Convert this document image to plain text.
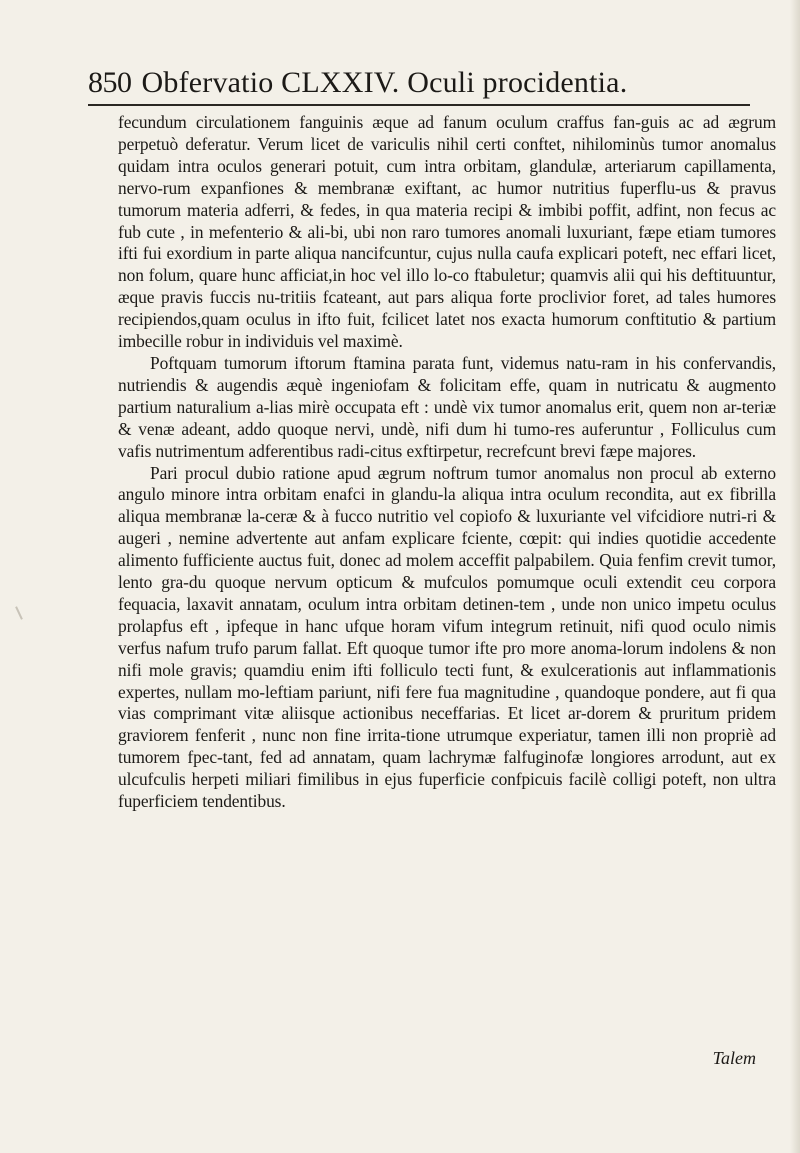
850 Obfervatio CLXXIV. Oculi procidentia.

fecundum circulationem fanguinis æque ad fanum oculum craffus fan-guis ac ad ægrum perpetuò deferatur. Verum licet de variculis nihil certi conftet, nihilominùs tumor anomalus quidam intra oculos generari potuit, cum intra orbitam, glandulæ, arteriarum capillamenta, nervo-rum expanfiones & membranæ exiftant, ac humor nutritius fuperflu-us & pravus tumorum materia adferri, & fedes, in qua materia recipi & imbibi poffit, adfint, non fecus ac fub cute , in mefenterio & ali-bi, ubi non raro tumores anomali luxuriant, fæpe etiam tumores ifti fui exordium in parte aliqua nancifcuntur, cujus nulla caufa explicari poteft, nec effari licet, non folum, quare hunc afficiat,in hoc vel illo lo-co ftabuletur; quamvis alii qui his deftituuntur, æque pravis fuccis nu-tritiis fcateant, aut pars aliqua forte proclivior foret, ad tales humores recipiendos,quam oculus in ifto fuit, fcilicet latet nos exacta humorum conftitutio & partium imbecille robur in individuis vel maximè.

Poftquam tumorum iftorum ftamina parata funt, videmus natu-ram in his confervandis, nutriendis & augendis æquè ingeniofam & folicitam effe, quam in nutricatu & augmento partium naturalium a-lias mirè occupata eft : undè vix tumor anomalus erit, quem non ar-teriæ & venæ adeant, addo quoque nervi, undè, nifi dum hi tumo-res auferuntur , Folliculus cum vafis nutrimentum adferentibus radi-citus exftirpetur, recrefcunt brevi fæpe majores.

Pari procul dubio ratione apud ægrum noftrum tumor anomalus non procul ab externo angulo minore intra orbitam enafci in glandu-la aliqua intra oculum recondita, aut ex fibrilla aliqua membranæ la-ceræ & à fucco nutritio vel copiofo & luxuriante vel vifcidiore nutri-ri & augeri , nemine advertente aut anfam explicare fciente, cœpit: qui indies quotidie accedente alimento fufficiente auctus fuit, donec ad molem acceffit palpabilem. Quia fenfim crevit tumor, lento gra-du quoque nervum opticum & mufculos pomumque oculi extendit ceu corpora fequacia, laxavit annatam, oculum intra orbitam detinen-tem , unde non unico impetu oculus prolapfus eft , ipfeque in hanc ufque horam vifum integrum retinuit, nifi quod oculo nimis verfus nafum trufo parum fallat. Eft quoque tumor ifte pro more anoma-lorum indolens & non nifi mole gravis; quamdiu enim ifti folliculo tecti funt, & exulcerationis aut inflammationis expertes, nullam mo-leftiam pariunt, nifi fere fua magnitudine , quandoque pondere, aut fi qua vias comprimant vitæ aliisque actionibus neceffarias. Et licet ar-dorem & pruritum pridem graviorem fenferit , nunc non fine irrita-tione utrumque experiatur, tamen illi non propriè ad tumorem fpec-tant, fed ad annatam, quam lachrymæ falfuginofæ longiores arrodunt, aut ex ulcufculis herpeti miliari fimilibus in ejus fuperficie confpicuis facilè colligi poteft, non ultra fuperficiem tendentibus.

Talem
